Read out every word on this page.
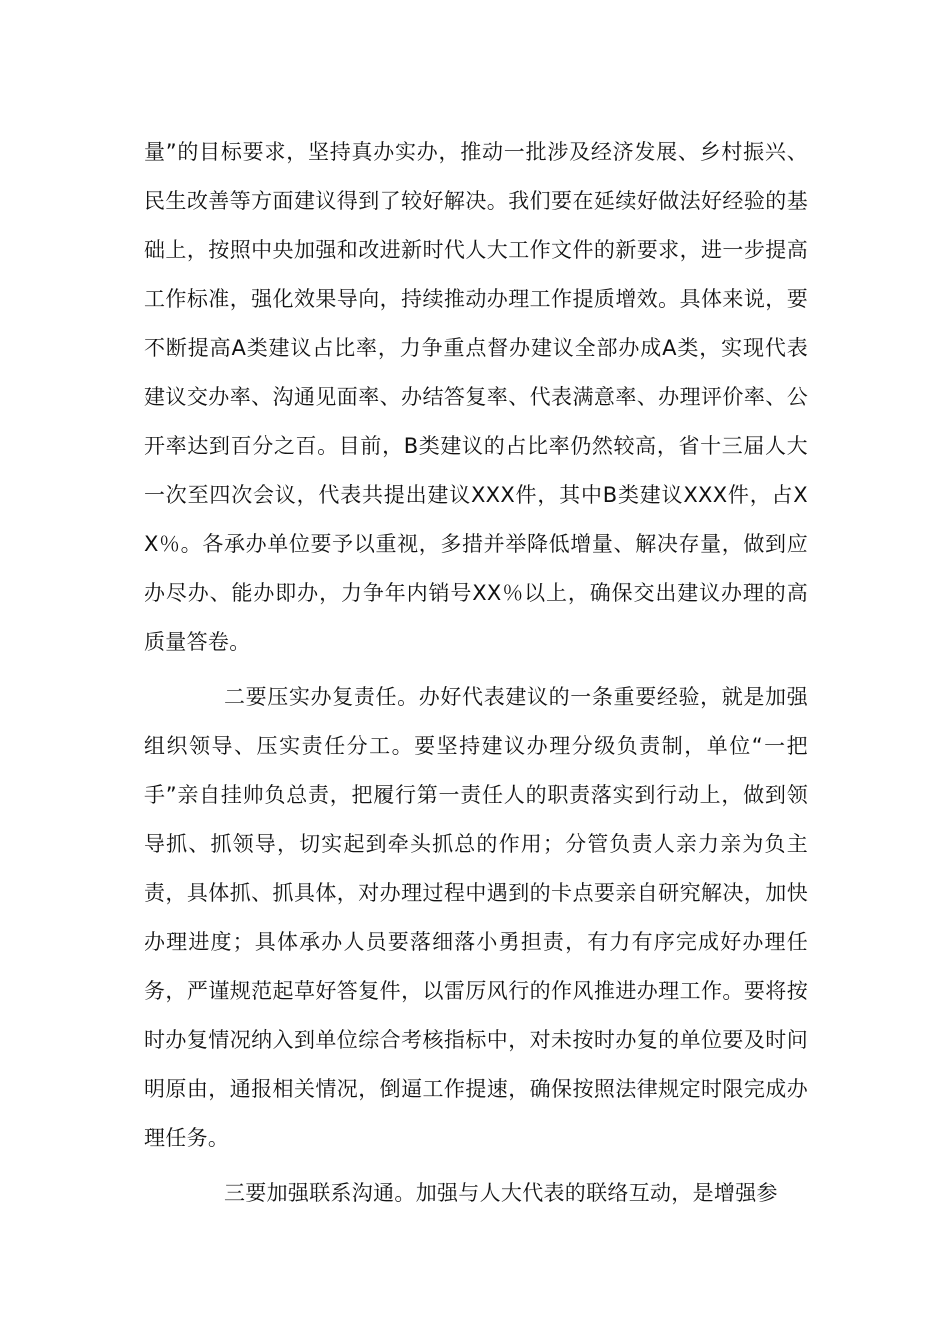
量”的目标要求，坚持真办实办，推动一批涉及经济发展、乡村振兴、民生改善等方面建议得到了较好解决。我们要在延续好做法好经验的基础上，按照中央加强和改进新时代人大工作文件的新要求，进一步提高工作标准，强化效果导向，持续推动办理工作提质增效。具体来说，要不断提高A类建议占比率，力争重点督办建议全部办成A类，实现代表建议交办率、沟通见面率、办结答复率、代表满意率、办理评价率、公开率达到百分之百。目前，B类建议的占比率仍然较高，省十三届人大一次至四次会议，代表共提出建议XXX件，其中B类建议XXX件，占XX％。各承办单位要予以重视，多措并举降低增量、解决存量，做到应办尽办、能办即办，力争年内销号XX％以上，确保交出建议办理的高质量答卷。

二要压实办复责任。办好代表建议的一条重要经验，就是加强组织领导、压实责任分工。要坚持建议办理分级负责制，单位“一把手”亲自挂帅负总责，把履行第一责任人的职责落实到行动上，做到领导抓、抓领导，切实起到牵头抓总的作用；分管负责人亲力亲为负主责，具体抓、抓具体，对办理过程中遇到的卡点要亲自研究解决，加快办理进度；具体承办人员要落细落小勇担责，有力有序完成好办理任务，严谨规范起草好答复件，以雷厉风行的作风推进办理工作。要将按时办复情况纳入到单位综合考核指标中，对未按时办复的单位要及时问明原由，通报相关情况，倒逼工作提速，确保按照法律规定时限完成办理任务。

三要加强联系沟通。加强与人大代表的联络互动，是增强参
